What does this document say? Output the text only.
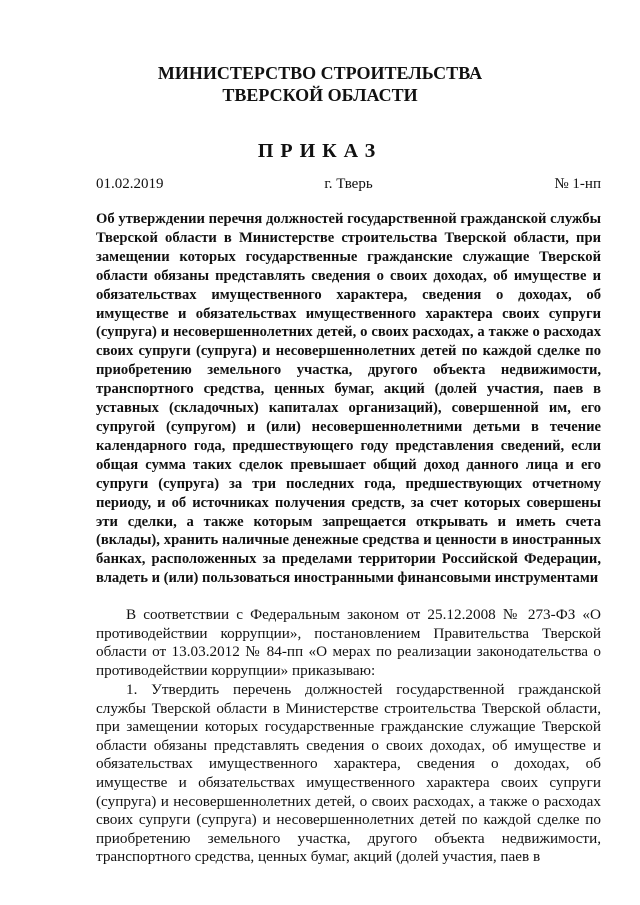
МИНИСТЕРСТВО СТРОИТЕЛЬСТВА
ТВЕРСКОЙ ОБЛАСТИ
ПРИКАЗ
01.02.2019	г. Тверь	№ 1-нп
Об утверждении перечня должностей государственной гражданской службы Тверской области в Министерстве строительства Тверской области, при замещении которых государственные гражданские служащие Тверской области обязаны представлять сведения о своих доходах, об имуществе и обязательствах имущественного характера, сведения о доходах, об имуществе и обязательствах имущественного характера своих супруги (супруга) и несовершеннолетних детей, о своих расходах, а также о расходах своих супруги (супруга) и несовершеннолетних детей по каждой сделке по приобретению земельного участка, другого объекта недвижимости, транспортного средства, ценных бумаг, акций (долей участия, паев в уставных (складочных) капиталах организаций), совершенной им, его супругой (супругом) и (или) несовершеннолетними детьми в течение календарного года, предшествующего году представления сведений, если общая сумма таких сделок превышает общий доход данного лица и его супруги (супруга) за три последних года, предшествующих отчетному периоду, и об источниках получения средств, за счет которых совершены эти сделки, а также которым запрещается открывать и иметь счета (вклады), хранить наличные денежные средства и ценности в иностранных банках, расположенных за пределами территории Российской Федерации, владеть и (или) пользоваться иностранными финансовыми инструментами

В соответствии с Федеральным законом от 25.12.2008 № 273-ФЗ «О противодействии коррупции», постановлением Правительства Тверской области от 13.03.2012 № 84-пп «О мерах по реализации законодательства о противодействии коррупции» приказываю:

1. Утвердить перечень должностей государственной гражданской службы Тверской области в Министерстве строительства Тверской области, при замещении которых государственные гражданские служащие Тверской области обязаны представлять сведения о своих доходах, об имуществе и обязательствах имущественного характера, сведения о доходах, об имуществе и обязательствах имущественного характера своих супруги (супруга) и несовершеннолетних детей, о своих расходах, а также о расходах своих супруги (супруга) и несовершеннолетних детей по каждой сделке по приобретению земельного участка, другого объекта недвижимости, транспортного средства, ценных бумаг, акций (долей участия, паев в
